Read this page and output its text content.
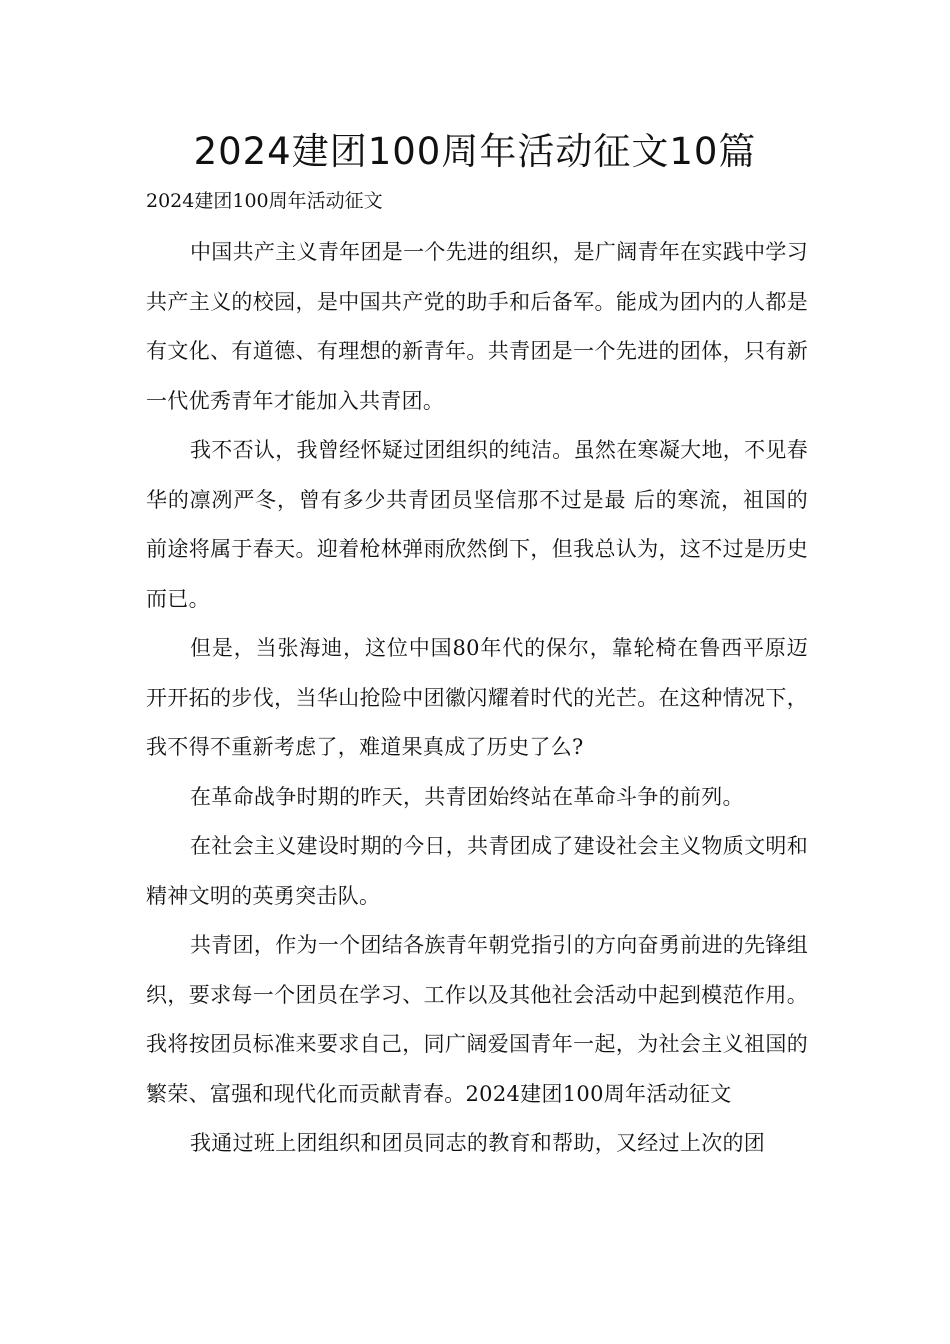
2024建团100周年活动征文10篇
2024建团100周年活动征文

中国共产主义青年团是一个先进的组织，是广阔青年在实践中学习共产主义的校园，是中国共产党的助手和后备军。能成为团内的人都是有文化、有道德、有理想的新青年。共青团是一个先进的团体，只有新一代优秀青年才能加入共青团。

我不否认，我曾经怀疑过团组织的纯洁。虽然在寒凝大地，不见春华的凛冽严冬，曾有多少共青团员坚信那不过是最 后的寒流，祖国的前途将属于春天。迎着枪林弹雨欣然倒下，但我总认为，这不过是历史而已。

但是，当张海迪，这位中国80年代的保尔，靠轮椅在鲁西平原迈开开拓的步伐，当华山抢险中团徽闪耀着时代的光芒。在这种情况下，我不得不重新考虑了，难道果真成了历史了么?

在革命战争时期的昨天，共青团始终站在革命斗争的前列。

在社会主义建设时期的今日，共青团成了建设社会主义物质文明和精神文明的英勇突击队。

共青团，作为一个团结各族青年朝党指引的方向奋勇前进的先锋组织，要求每一个团员在学习、工作以及其他社会活动中起到模范作用。我将按团员标准来要求自己，同广阔爱国青年一起，为社会主义祖国的繁荣、富强和现代化而贡献青春。2024建团100周年活动征文

我通过班上团组织和团员同志的教育和帮助，又经过上次的团
